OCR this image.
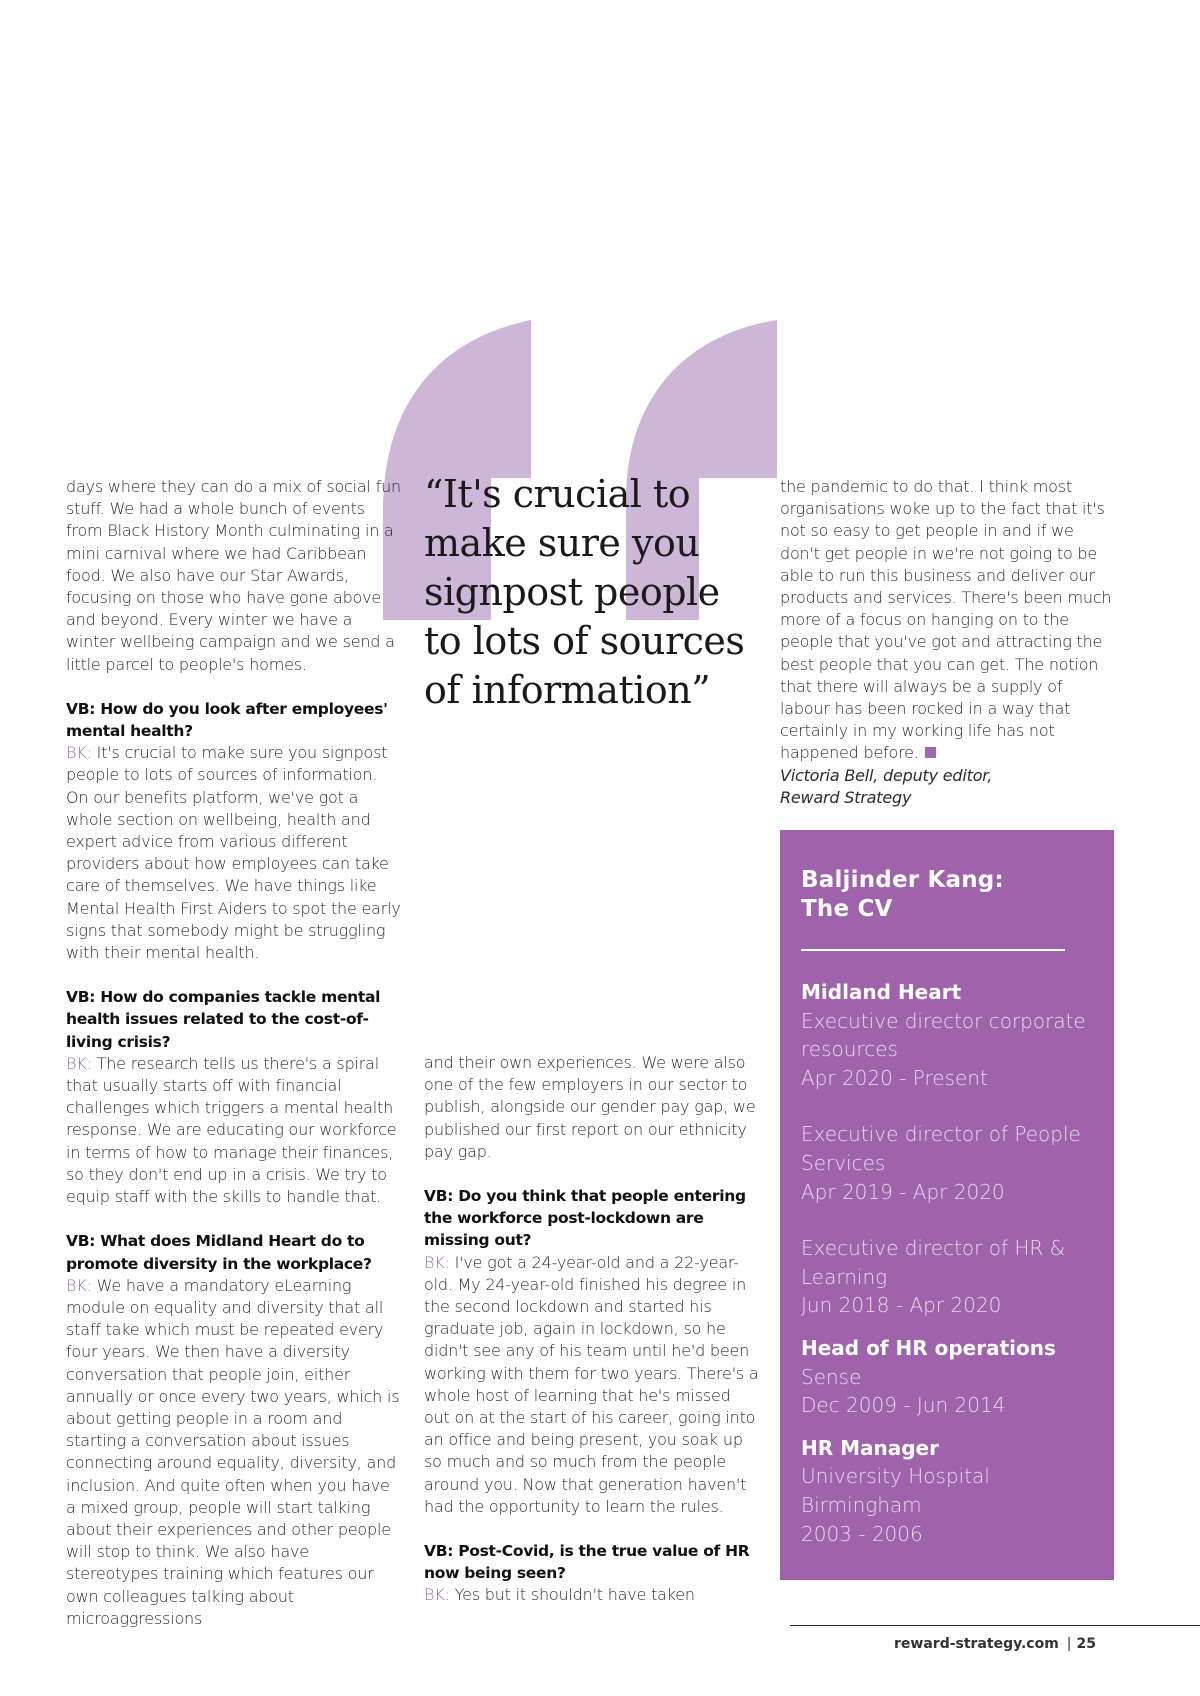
days where they can do a mix of social fun stuff. We had a whole bunch of events from Black History Month culminating in a mini carnival where we had Caribbean food. We also have our Star Awards, focusing on those who have gone above and beyond. Every winter we have a winter wellbeing campaign and we send a little parcel to people's homes.

VB: How do you look after employees' mental health?

BK: It's crucial to make sure you signpost people to lots of sources of information. On our benefits platform, we've got a whole section on wellbeing, health and expert advice from various different providers about how employees can take care of themselves. We have things like Mental Health First Aiders to spot the early signs that somebody might be struggling with their mental health.

VB: How do companies tackle mental health issues related to the cost-of-living crisis?

BK: The research tells us there's a spiral that usually starts off with financial challenges which triggers a mental health response. We are educating our workforce in terms of how to manage their finances, so they don't end up in a crisis. We try to equip staff with the skills to handle that.

VB: What does Midland Heart do to promote diversity in the workplace?

BK: We have a mandatory eLearning module on equality and diversity that all staff take which must be repeated every four years. We then have a diversity conversation that people join, either annually or once every two years, which is about getting people in a room and starting a conversation about issues connecting around equality, diversity, and inclusion. And quite often when you have a mixed group, people will start talking about their experiences and other people will stop to think. We also have stereotypes training which features our own colleagues talking about microaggressions

“It's crucial to make sure you signpost people to lots of sources of information”

and their own experiences. We were also one of the few employers in our sector to publish, alongside our gender pay gap, we published our first report on our ethnicity pay gap.

VB: Do you think that people entering the workforce post-lockdown are missing out?

BK: I've got a 24-year-old and a 22-year-old. My 24-year-old finished his degree in the second lockdown and started his graduate job, again in lockdown, so he didn't see any of his team until he'd been working with them for two years. There's a whole host of learning that he's missed out on at the start of his career, going into an office and being present, you soak up so much and so much from the people around you. Now that generation haven't had the opportunity to learn the rules.

VB: Post-Covid, is the true value of HR now being seen?

BK: Yes but it shouldn't have taken

the pandemic to do that. I think most organisations woke up to the fact that it's not so easy to get people in and if we don't get people in we're not going to be able to run this business and deliver our products and services. There's been much more of a focus on hanging on to the people that you've got and attracting the best people that you can get. The notion that there will always be a supply of labour has been rocked in a way that certainly in my working life has not happened before.

Victoria Bell, deputy editor,

Reward Strategy

Baljinder Kang:
The CV
Midland Heart
Executive director corporate resources
Apr 2020 - Present
Executive director of People Services
Apr 2019 - Apr 2020
Executive director of HR & Learning
Jun 2018 - Apr 2020
Head of HR operations
Sense
Dec 2009 - Jun 2014
HR Manager
University Hospital Birmingham
2003 - 2006
reward-strategy.com | 25
